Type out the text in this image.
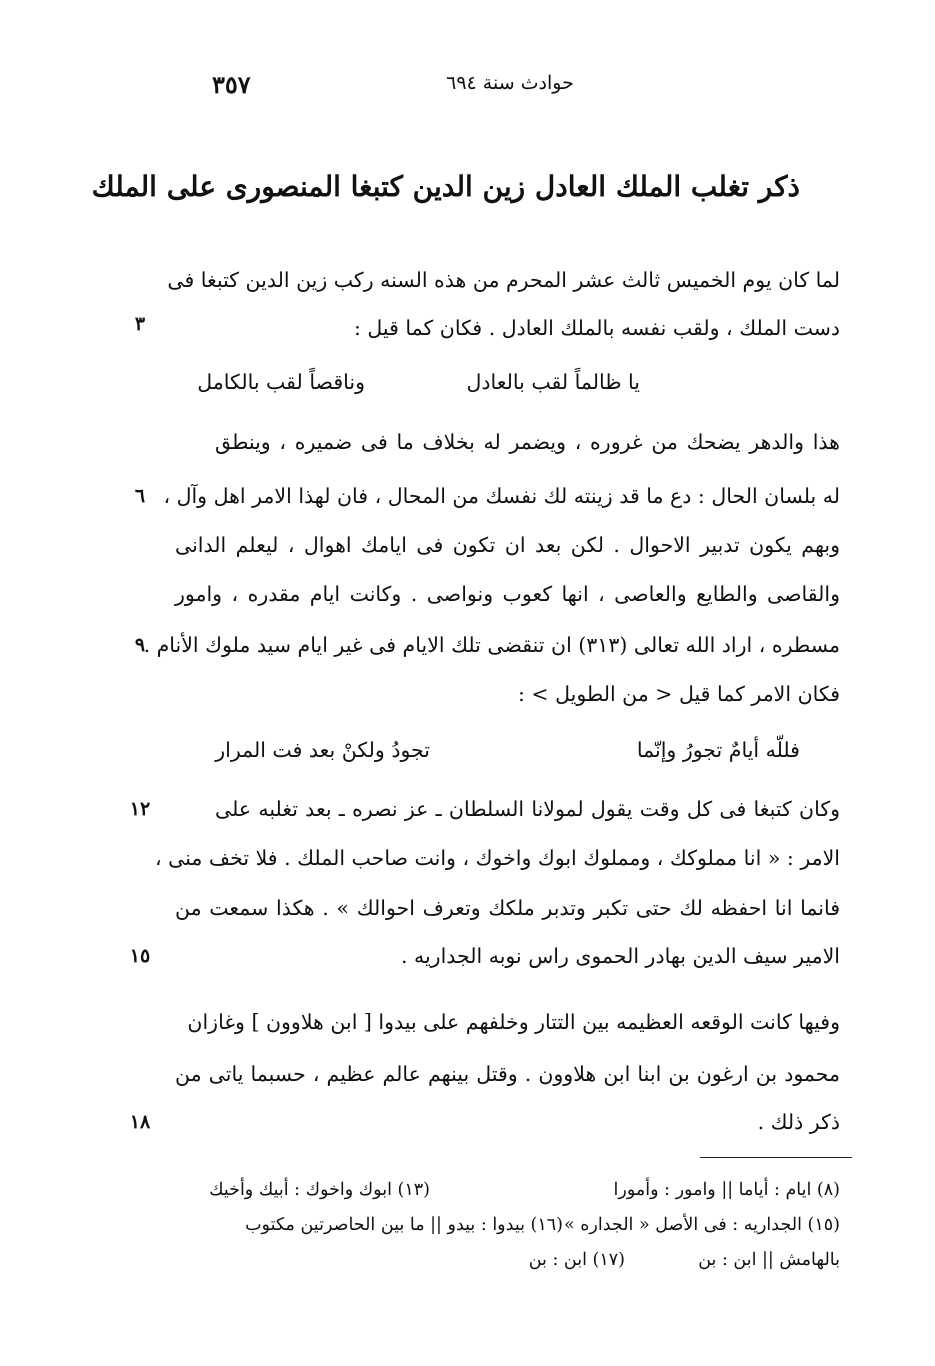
٣٥٧	حوادث سنة ٦٩٤
ذكر تغلب الملك العادل زين الدين كتبغا المنصورى على الملك
لما كان يوم الخميس ثالث عشر المحرم من هذه السنه ركب زين الدين كتبغا فى
دست الملك ، ولقب نفسه بالملك العادل . فكان كما قيل :
٣
يا ظالماً لقب بالعادل
وناقصاً لقب بالكامل
هذا والدهر يضحك من غروره ، ويضمر له بخلاف ما فى ضميره ، وينطق
له بلسان الحال : دع ما قد زينته لك نفسك من المحال ، فان لهذا الامر اهل وآل ،
٦
وبهم يكون تدبير الاحوال . لكن بعد ان تكون فى ايامك اهوال ، ليعلم الدانى
والقاصى والطايع والعاصى ، انها كعوب ونواصى . وكانت ايام مقدره ، وامور
مسطره ، اراد الله تعالى (٣١٣) ان تنقضى تلك الايام فى غير ايام سيد ملوك الأنام .
٩
فكان الامر كما قيل < من الطويل > :
فللّه أيامٌ تجورُ وإنّما
تجودُ ولكنْ بعد فت المرار
وكان كتبغا فى كل وقت يقول لمولانا السلطان ـ عز نصره ـ بعد تغلبه على
١٢
الامر : « انا مملوكك ، ومملوك ابوك واخوك ، وانت صاحب الملك . فلا تخف منى ،
فانما انا احفظه لك حتى تكبر وتدبر ملكك وتعرف احوالك » . هكذا سمعت من
الامير سيف الدين بهادر الحموى راس نوبه الجداريه .
١٥
وفيها كانت الوقعه العظيمه بين التتار وخلفهم على بيدوا [ ابن هلاوون ] وغازان
محمود بن ارغون بن ابنا ابن هلاوون . وقتل بينهم عالم عظيم ، حسبما ياتى من
ذكر ذلك .
١٨
(٨) ايام : أياما || وامور : وأمورا
(١٣) ابوك واخوك : أبيك وأخيك
(١٥) الجداريه : فى الأصل « الجداره »
(١٦) بيدوا : بيدو || ما بين الحاصرتين مكتوب
بالهامش || ابن : بن
(١٧) ابن : بن
